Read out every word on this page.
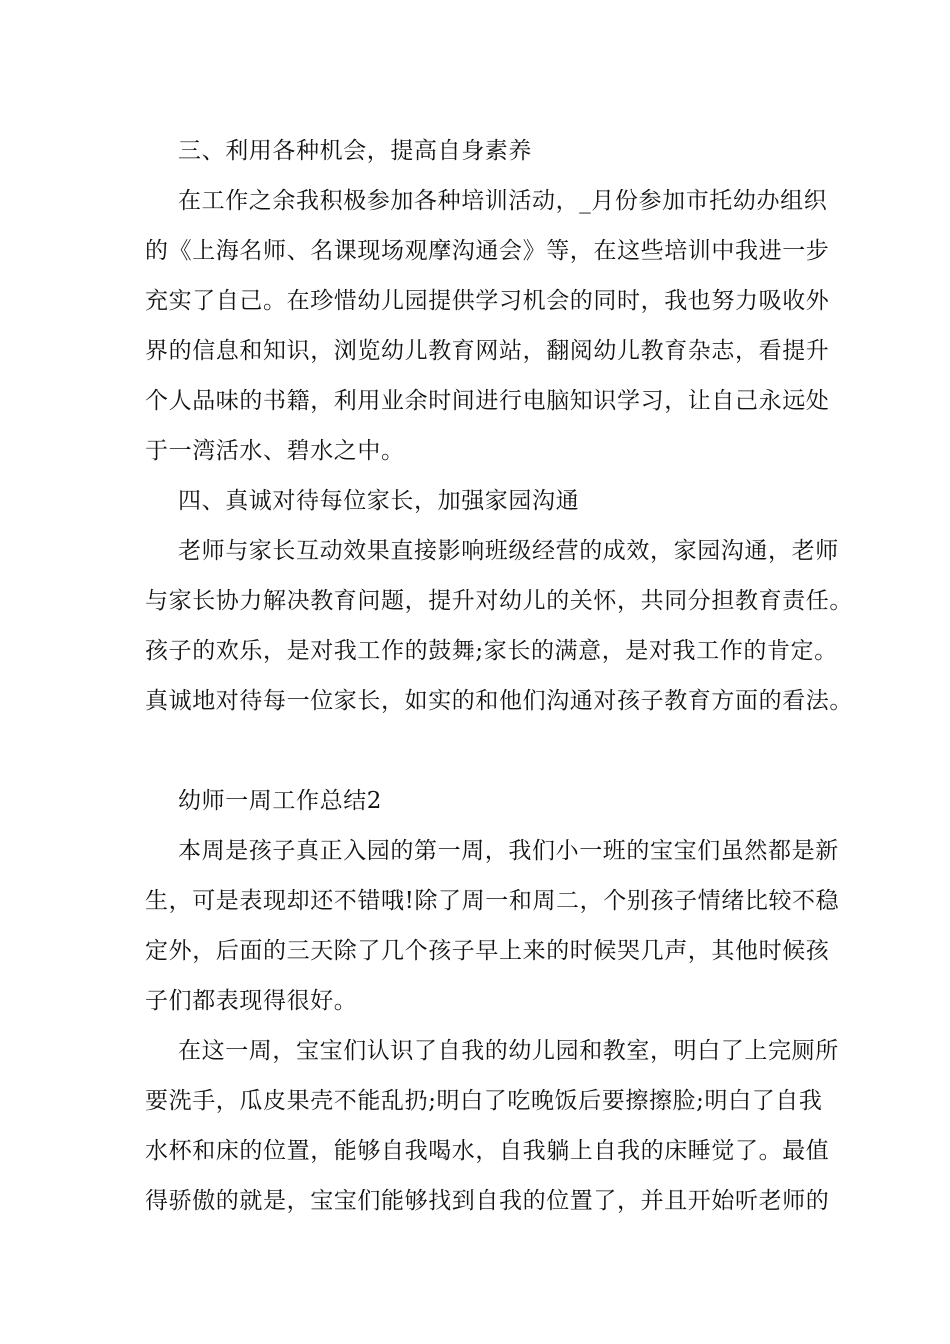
三、利用各种机会，提高自身素养
在工作之余我积极参加各种培训活动，_月份参加市托幼办组织
的《上海名师、名课现场观摩沟通会》等，在这些培训中我进一步
充实了自己。在珍惜幼儿园提供学习机会的同时，我也努力吸收外
界的信息和知识，浏览幼儿教育网站，翻阅幼儿教育杂志，看提升
个人品味的书籍，利用业余时间进行电脑知识学习，让自己永远处
于一湾活水、碧水之中。
四、真诚对待每位家长，加强家园沟通
老师与家长互动效果直接影响班级经营的成效，家园沟通，老师
与家长协力解决教育问题，提升对幼儿的关怀，共同分担教育责任。
孩子的欢乐，是对我工作的鼓舞;家长的满意，是对我工作的肯定。
真诚地对待每一位家长，如实的和他们沟通对孩子教育方面的看法。
幼师一周工作总结2
本周是孩子真正入园的第一周，我们小一班的宝宝们虽然都是新
生，可是表现却还不错哦!除了周一和周二，个别孩子情绪比较不稳
定外，后面的三天除了几个孩子早上来的时候哭几声，其他时候孩
子们都表现得很好。
在这一周，宝宝们认识了自我的幼儿园和教室，明白了上完厕所
要洗手，瓜皮果壳不能乱扔;明白了吃晚饭后要擦擦脸;明白了自我
水杯和床的位置，能够自我喝水，自我躺上自我的床睡觉了。最值
得骄傲的就是，宝宝们能够找到自我的位置了，并且开始听老师的
